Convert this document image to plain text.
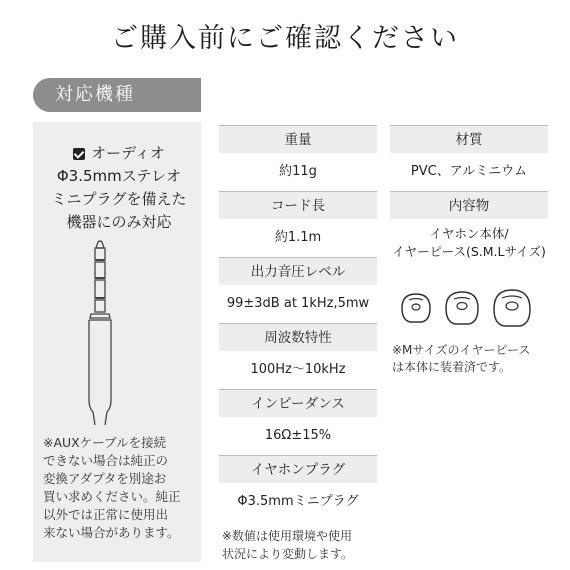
ご購入前にご確認ください
対応機種
オーディオ
Φ3.5mmステレオ
ミニプラグを備えた
機器にのみ対応
※AUXケーブルを接続
できない場合は純正の
変換アダプタを別途お
買い求めください。純正
以外では正常に使用出
来ない場合があります。
重量
約11g
コード長
約1.1m
出力音圧レベル
99±3dB at 1kHz,5mw
周波数特性
100Hz〜10kHz
インピーダンス
16Ω±15%
イヤホンプラグ
Φ3.5mmミニプラグ
※数値は使用環境や使用
状況により変動します。
材質
PVC、アルミニウム
内容物
イヤホン本体/
イヤーピース(S.M.Lサイズ)
※Mサイズのイヤーピース
は本体に装着済です。
